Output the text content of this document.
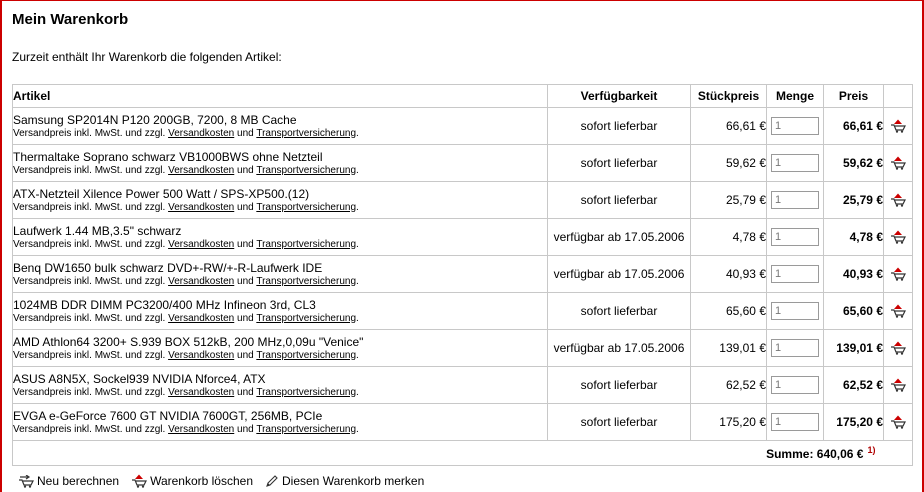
Mein Warenkorb
Zurzeit enthält Ihr Warenkorb die folgenden Artikel:
Artikel	Verfügbarkeit	Stückpreis	Menge	Preis	

Samsung SP2014N P120 200GB, 7200, 8 MB Cache
Versandpreis inkl. MwSt. und zzgl. Versandkosten und Transportversicherung.	sofort lieferbar	66,61 €	1	66,61 €	

Thermaltake Soprano schwarz VB1000BWS ohne Netzteil
Versandpreis inkl. MwSt. und zzgl. Versandkosten und Transportversicherung.	sofort lieferbar	59,62 €	1	59,62 €	

ATX-Netzteil Xilence Power 500 Watt / SPS-XP500.(12)
Versandpreis inkl. MwSt. und zzgl. Versandkosten und Transportversicherung.	sofort lieferbar	25,79 €	1	25,79 €	

Laufwerk 1.44 MB,3.5" schwarz
Versandpreis inkl. MwSt. und zzgl. Versandkosten und Transportversicherung.	verfügbar ab 17.05.2006	4,78 €	1	4,78 €	

Benq DW1650 bulk schwarz DVD+-RW/+-R-Laufwerk IDE
Versandpreis inkl. MwSt. und zzgl. Versandkosten und Transportversicherung.	verfügbar ab 17.05.2006	40,93 €	1	40,93 €	

1024MB DDR DIMM PC3200/400 MHz Infineon 3rd, CL3
Versandpreis inkl. MwSt. und zzgl. Versandkosten und Transportversicherung.	sofort lieferbar	65,60 €	1	65,60 €	

AMD Athlon64 3200+ S.939 BOX 512kB, 200 MHz,0,09u "Venice"
Versandpreis inkl. MwSt. und zzgl. Versandkosten und Transportversicherung.	verfügbar ab 17.05.2006	139,01 €	1	139,01 €	

ASUS A8N5X, Sockel939 NVIDIA Nforce4, ATX
Versandpreis inkl. MwSt. und zzgl. Versandkosten und Transportversicherung.	sofort lieferbar	62,52 €	1	62,52 €	

EVGA e-GeForce 7600 GT NVIDIA 7600GT, 256MB, PCIe
Versandpreis inkl. MwSt. und zzgl. Versandkosten und Transportversicherung.	sofort lieferbar	175,20 €	1	175,20 €	
Summe: 640,06 € $^{1)}$	
Neu berechnen	Warenkorb löschen Diesen Warenkorb merken
